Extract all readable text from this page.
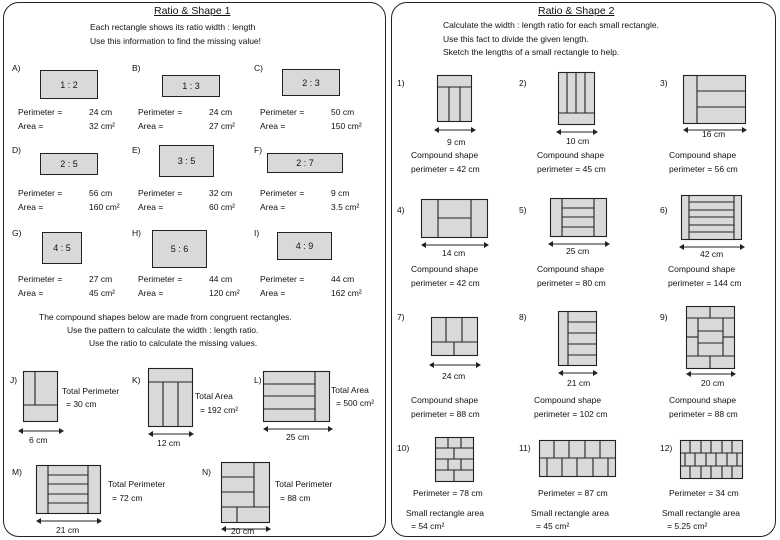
Ratio & Shape 1
Each rectangle shows its ratio width : length
Use this information to find the missing value!
A)
1 : 2
B)
1 : 3
C)
2 : 3
Perimeter =	24 cm
Area =	32 cm²
Perimeter =	24 cm
Area =	27 cm²
Perimeter =	50 cm
Area =	150 cm²
D)
2 : 5
E)
3 : 5
F)
2 : 7
Perimeter =	56 cm
Area =	160 cm²
Perimeter =	32 cm
Area =	60 cm²
Perimeter =	9 cm
Area =	3.5 cm²
G)
4 : 5
H)
5 : 6
I)
4 : 9
Perimeter =	27 cm
Area =	45 cm²
Perimeter =	44 cm
Area =	120 cm²
Perimeter =	44 cm
Area =	162 cm²
The compound shapes below are made from congruent rectangles.
Use the pattern to calculate the width : length ratio.
Use the ratio to calculate the missing values.
J)
6 cm
Total Perimeter
= 30 cm
K)
12 cm
Total Area
= 192 cm²
L)
25 cm
Total Area
= 500 cm²
M)
21 cm
Total Perimeter
= 72 cm
N)
20 cm
Total Perimeter
= 88 cm
Ratio & Shape 2
Calculate the width : length ratio for each small rectangle.
Use this fact to divide the given length.
Sketch the lengths of a small rectangle to help.
1)
9 cm
Compound shape
perimeter = 42 cm
2)
10 cm
Compound shape
perimeter = 45 cm
3)
16 cm
Compound shape
perimeter = 56 cm
4)
14 cm
Compound shape
perimeter = 42 cm
5)
25 cm
Compound shape
perimeter = 80 cm
6)
42 cm
Compound shape
perimeter = 144 cm
7)
24 cm
Compound shape
perimeter = 88 cm
8)
21 cm
Compound shape
perimeter = 102 cm
9)
20 cm
Compound shape
perimeter = 88 cm
10)
Perimeter = 78 cm
Small rectangle area
= 54 cm²
11)
Perimeter = 87 cm
Small rectangle area
= 45 cm²
12)
Perimeter = 34 cm
Small rectangle area
= 5.25 cm²
